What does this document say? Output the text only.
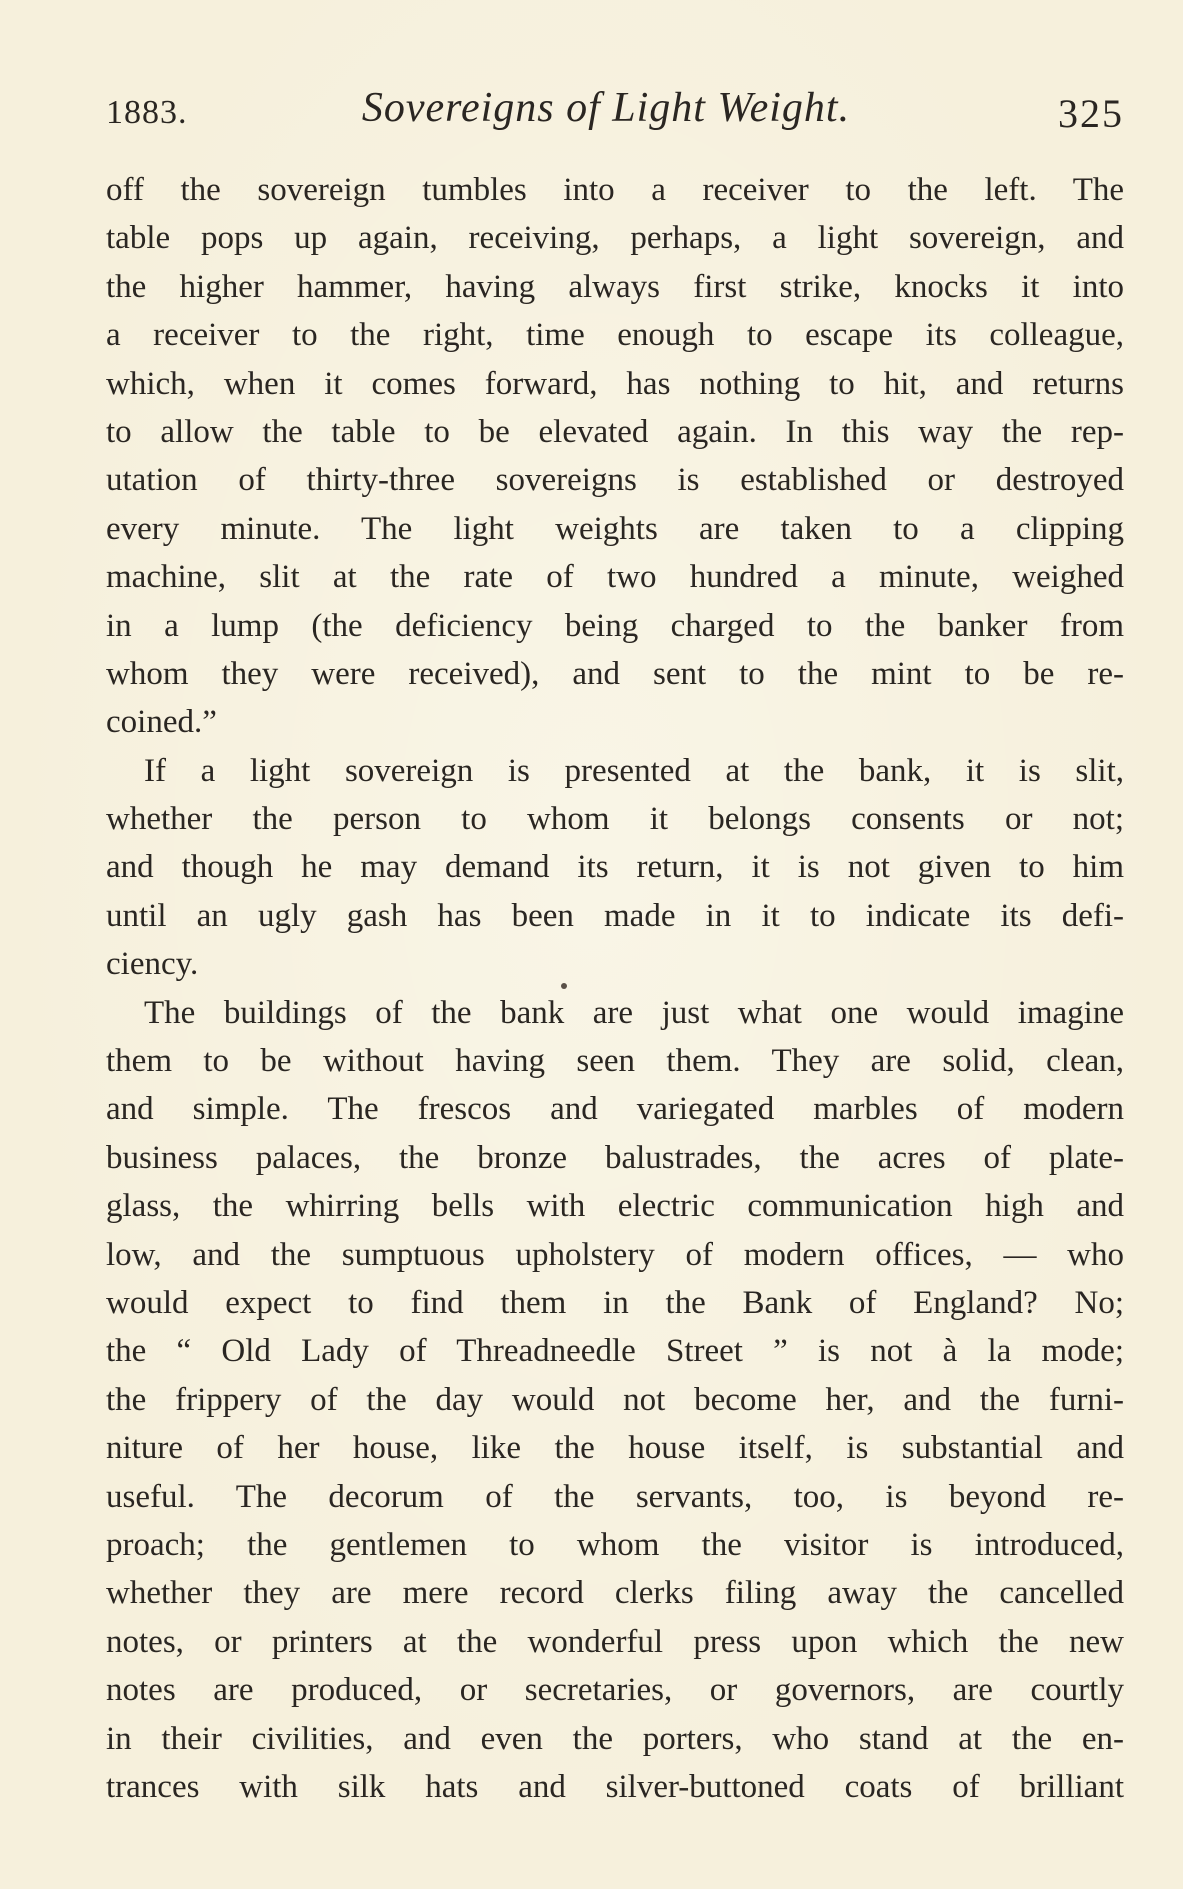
1883.	Sovereigns of Light Weight.	325
off the sovereign tumbles into a receiver to the left. The
table pops up again, receiving, perhaps, a light sovereign, and
the higher hammer, having always first strike, knocks it into
a receiver to the right, time enough to escape its colleague,
which, when it comes forward, has nothing to hit, and returns
to allow the table to be elevated again. In this way the rep-
utation of thirty-three sovereigns is established or destroyed
every minute. The light weights are taken to a clipping
machine, slit at the rate of two hundred a minute, weighed
in a lump (the deficiency being charged to the banker from
whom they were received), and sent to the mint to be re-
coined.”
If a light sovereign is presented at the bank, it is slit,
whether the person to whom it belongs consents or not;
and though he may demand its return, it is not given to him
until an ugly gash has been made in it to indicate its defi-
ciency.
The buildings of the bank are just what one would imagine
them to be without having seen them. They are solid, clean,
and simple. The frescos and variegated marbles of modern
business palaces, the bronze balustrades, the acres of plate-
glass, the whirring bells with electric communication high and
low, and the sumptuous upholstery of modern offices, — who
would expect to find them in the Bank of England? No;
the “ Old Lady of Threadneedle Street ” is not à la mode;
the frippery of the day would not become her, and the furni-
niture of her house, like the house itself, is substantial and
useful. The decorum of the servants, too, is beyond re-
proach; the gentlemen to whom the visitor is introduced,
whether they are mere record clerks filing away the cancelled
notes, or printers at the wonderful press upon which the new
notes are produced, or secretaries, or governors, are courtly
in their civilities, and even the porters, who stand at the en-
trances with silk hats and silver-buttoned coats of brilliant
